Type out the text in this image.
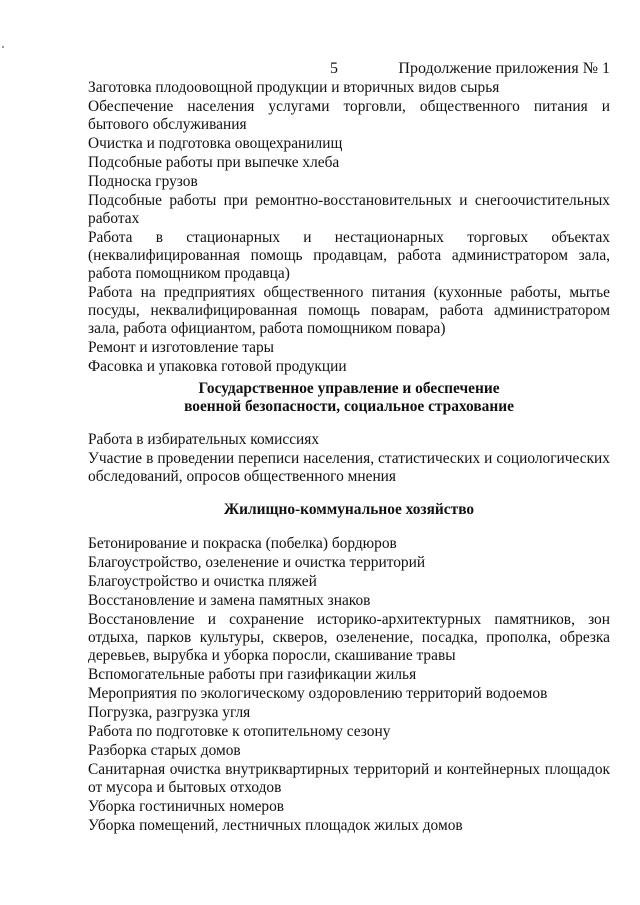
5	Продолжение приложения № 1
Заготовка плодоовощной продукции и вторичных видов сырья
Обеспечение населения услугами торговли, общественного питания и бытового обслуживания
Очистка и подготовка овощехранилищ
Подсобные работы при выпечке хлеба
Подноска грузов
Подсобные работы при ремонтно-восстановительных и снегоочистительных работах
Работа в стационарных и нестационарных торговых объектах (неквалифицированная помощь продавцам, работа администратором зала, работа помощником продавца)
Работа на предприятиях общественного питания (кухонные работы, мытье посуды, неквалифицированная помощь поварам, работа администратором зала, работа официантом, работа помощником повара)
Ремонт и изготовление тары
Фасовка и упаковка готовой продукции
Государственное управление и обеспечение
военной безопасности, социальное страхование
Работа в избирательных комиссиях
Участие в проведении переписи населения, статистических и социологических обследований, опросов общественного мнения
Жилищно-коммунальное хозяйство
Бетонирование и покраска (побелка) бордюров
Благоустройство, озеленение и очистка территорий
Благоустройство и очистка пляжей
Восстановление и замена памятных знаков
Восстановление и сохранение историко-архитектурных памятников, зон отдыха, парков культуры, скверов, озеленение, посадка, прополка, обрезка деревьев, вырубка и уборка поросли, скашивание травы
Вспомогательные работы при газификации жилья
Мероприятия по экологическому оздоровлению территорий водоемов
Погрузка, разгрузка угля
Работа по подготовке к отопительному сезону
Разборка старых домов
Санитарная очистка внутриквартирных территорий и контейнерных площадок от мусора и бытовых отходов
Уборка гостиничных номеров
Уборка помещений, лестничных площадок жилых домов
